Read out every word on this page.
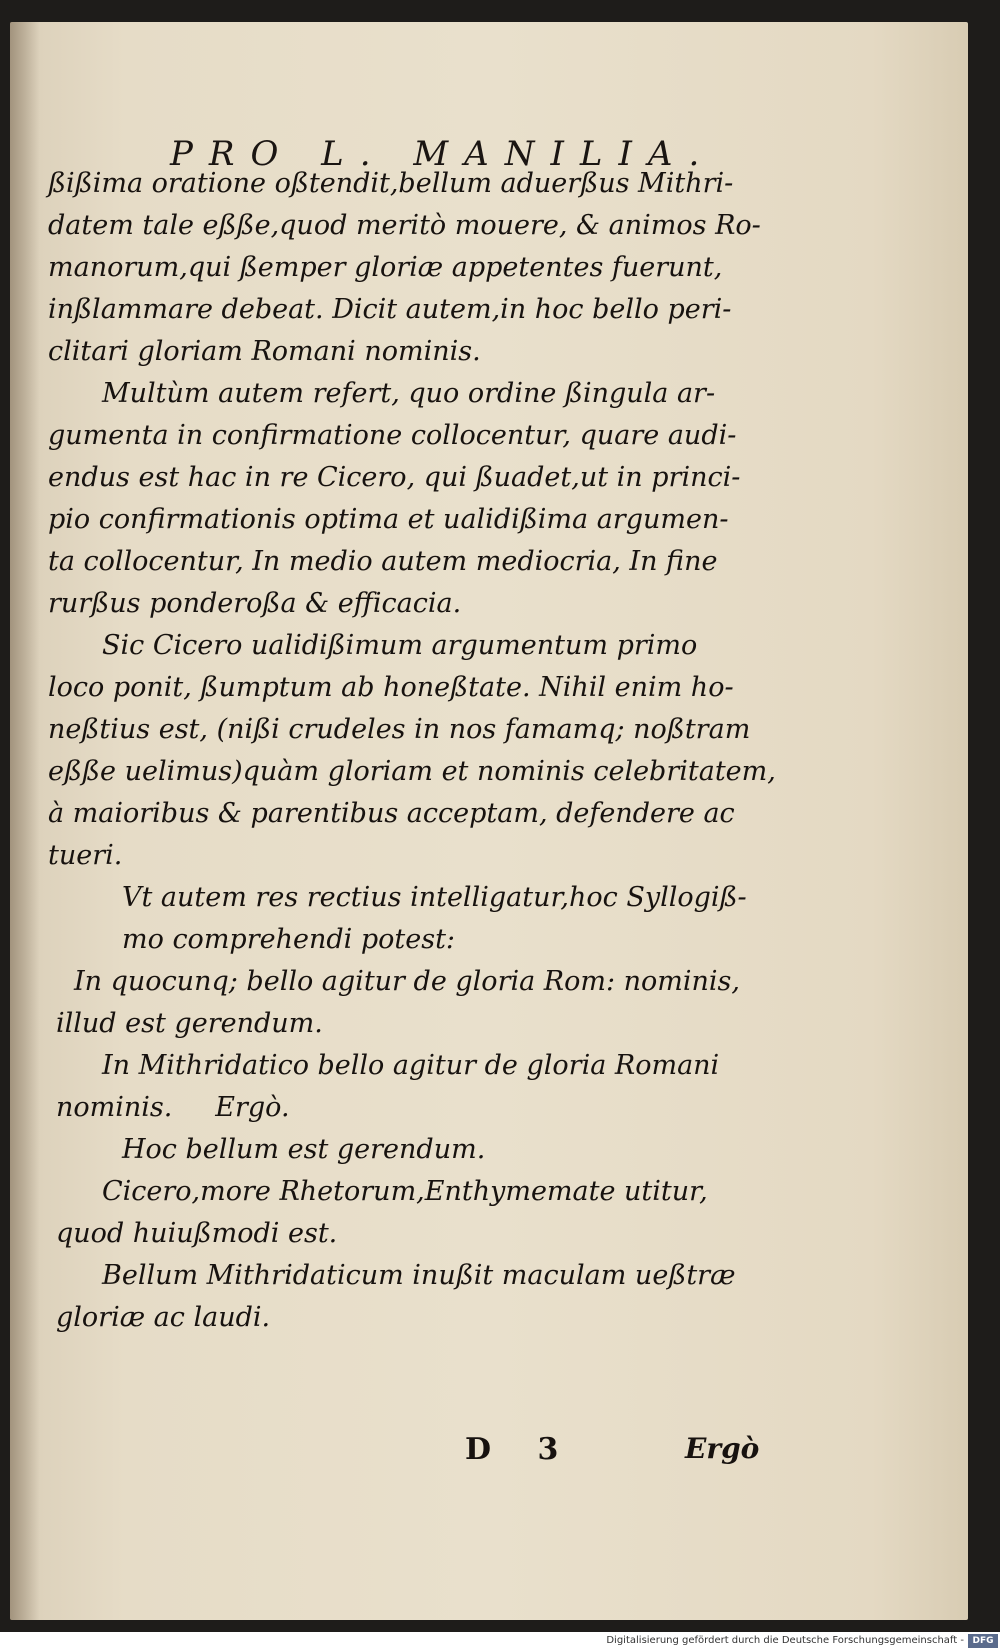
PRO L. MANILIA.
ßißima oratione oßtendit,bellum aduerßus Mithri-
datem tale eßße,quod meritò mouere, & animos Ro-
manorum,qui ßemper gloriæ appetentes fuerunt,
inßlammare debeat. Dicit autem,in hoc bello peri-
clitari gloriam Romani nominis.
Multùm autem refert, quo ordine ßingula ar-
gumenta in confirmatione collocentur, quare audi-
endus est hac in re Cicero, qui ßuadet,ut in princi-
pio confirmationis optima et ualidißima argumen-
ta collocentur, In medio autem mediocria, In fine
rurßus ponderoßa & efficacia.
Sic Cicero ualidißimum argumentum primo
loco ponit, ßumptum ab honeßtate. Nihil enim ho-
neßtius est, (nißi crudeles in nos famamq; noßtram
eßße uelimus)quàm gloriam et nominis celebritatem,
à maioribus & parentibus acceptam, defendere ac
tueri.
Vt autem res rectius intelligatur,hoc Syllogiß-
mo comprehendi potest:
In quocunq; bello agitur de gloria Rom: nominis,
illud est gerendum.
In Mithridatico bello agitur de gloria Romani
nominis.     Ergò.
Hoc bellum est gerendum.
Cicero,more Rhetorum,Enthymemate utitur,
quod huiußmodi est.
Bellum Mithridaticum inußit maculam ueßtræ
gloriæ ac laudi.
D 3	Ergò
Digitalisierung gefördert durch die Deutsche Forschungsgemeinschaft - DFG
